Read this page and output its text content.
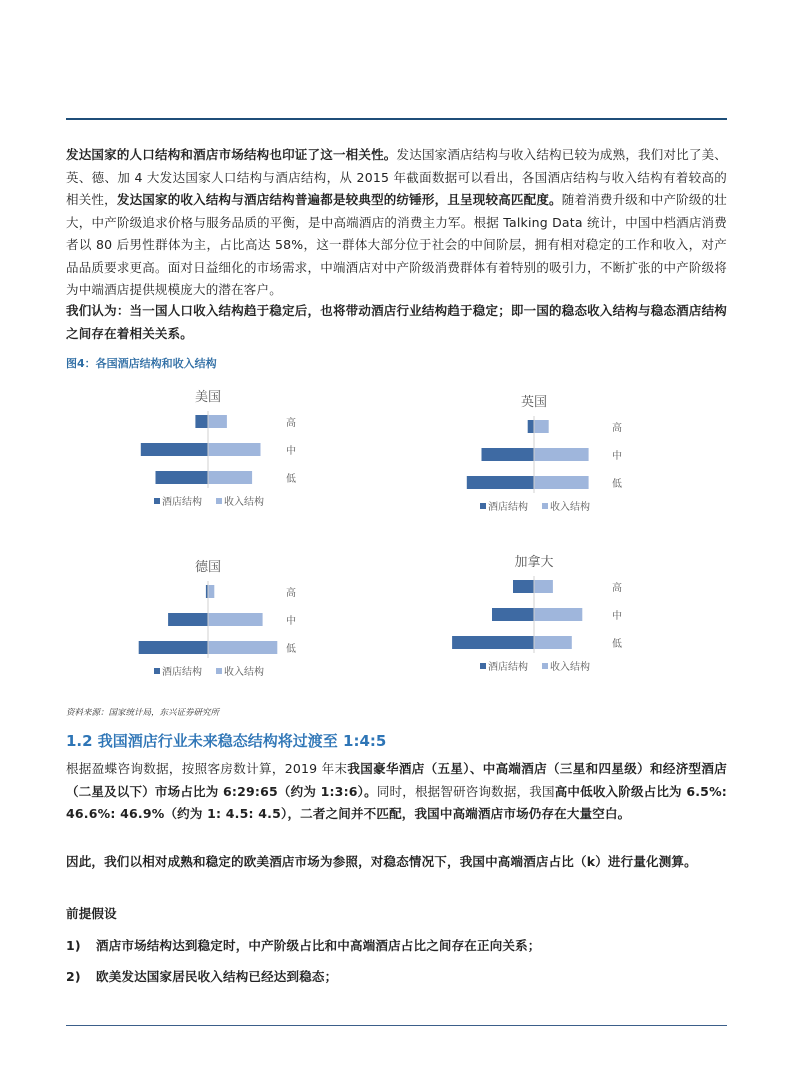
发达国家的人口结构和酒店市场结构也印证了这一相关性。发达国家酒店结构与收入结构已较为成熟，我们对比了美、英、德、加 4 大发达国家人口结构与酒店结构，从 2015 年截面数据可以看出，各国酒店结构与收入结构有着较高的相关性，发达国家的收入结构与酒店结构普遍都是较典型的纺锤形，且呈现较高匹配度。随着消费升级和中产阶级的壮大，中产阶级追求价格与服务品质的平衡，是中高端酒店的消费主力军。根据 Talking Data 统计，中国中档酒店消费者以 80 后男性群体为主，占比高达 58%，这一群体大部分位于社会的中间阶层，拥有相对稳定的工作和收入，对产品品质要求更高。面对日益细化的市场需求，中端酒店对中产阶级消费群体有着特别的吸引力，不断扩张的中产阶级将为中端酒店提供规模庞大的潜在客户。

我们认为：当一国人口收入结构趋于稳定后，也将带动酒店行业结构趋于稳定；即一国的稳态收入结构与稳态酒店结构之间存在着相关关系。

图4：各国酒店结构和收入结构
美国
高
中
低
酒店结构 收入结构
英国
高
中
低
酒店结构 收入结构
德国
高
中
低
酒店结构 收入结构
加拿大
高
中
低
酒店结构 收入结构
资料来源：国家统计局，东兴证券研究所
1.2 我国酒店行业未来稳态结构将过渡至 1:4:5

根据盈蝶咨询数据，按照客房数计算，2019 年末我国豪华酒店（五星）、中高端酒店（三星和四星级）和经济型酒店（二星及以下）市场占比为 6:29:65（约为 1:3:6）。同时，根据智研咨询数据，我国高中低收入阶级占比为 6.5%: 46.6%: 46.9%（约为 1: 4.5: 4.5），二者之间并不匹配，我国中高端酒店市场仍存在大量空白。

因此，我们以相对成熟和稳定的欧美酒店市场为参照，对稳态情况下，我国中高端酒店占比（k）进行量化测算。

前提假设

1) 酒店市场结构达到稳定时，中产阶级占比和中高端酒店占比之间存在正向关系；

2) 欧美发达国家居民收入结构已经达到稳态；
